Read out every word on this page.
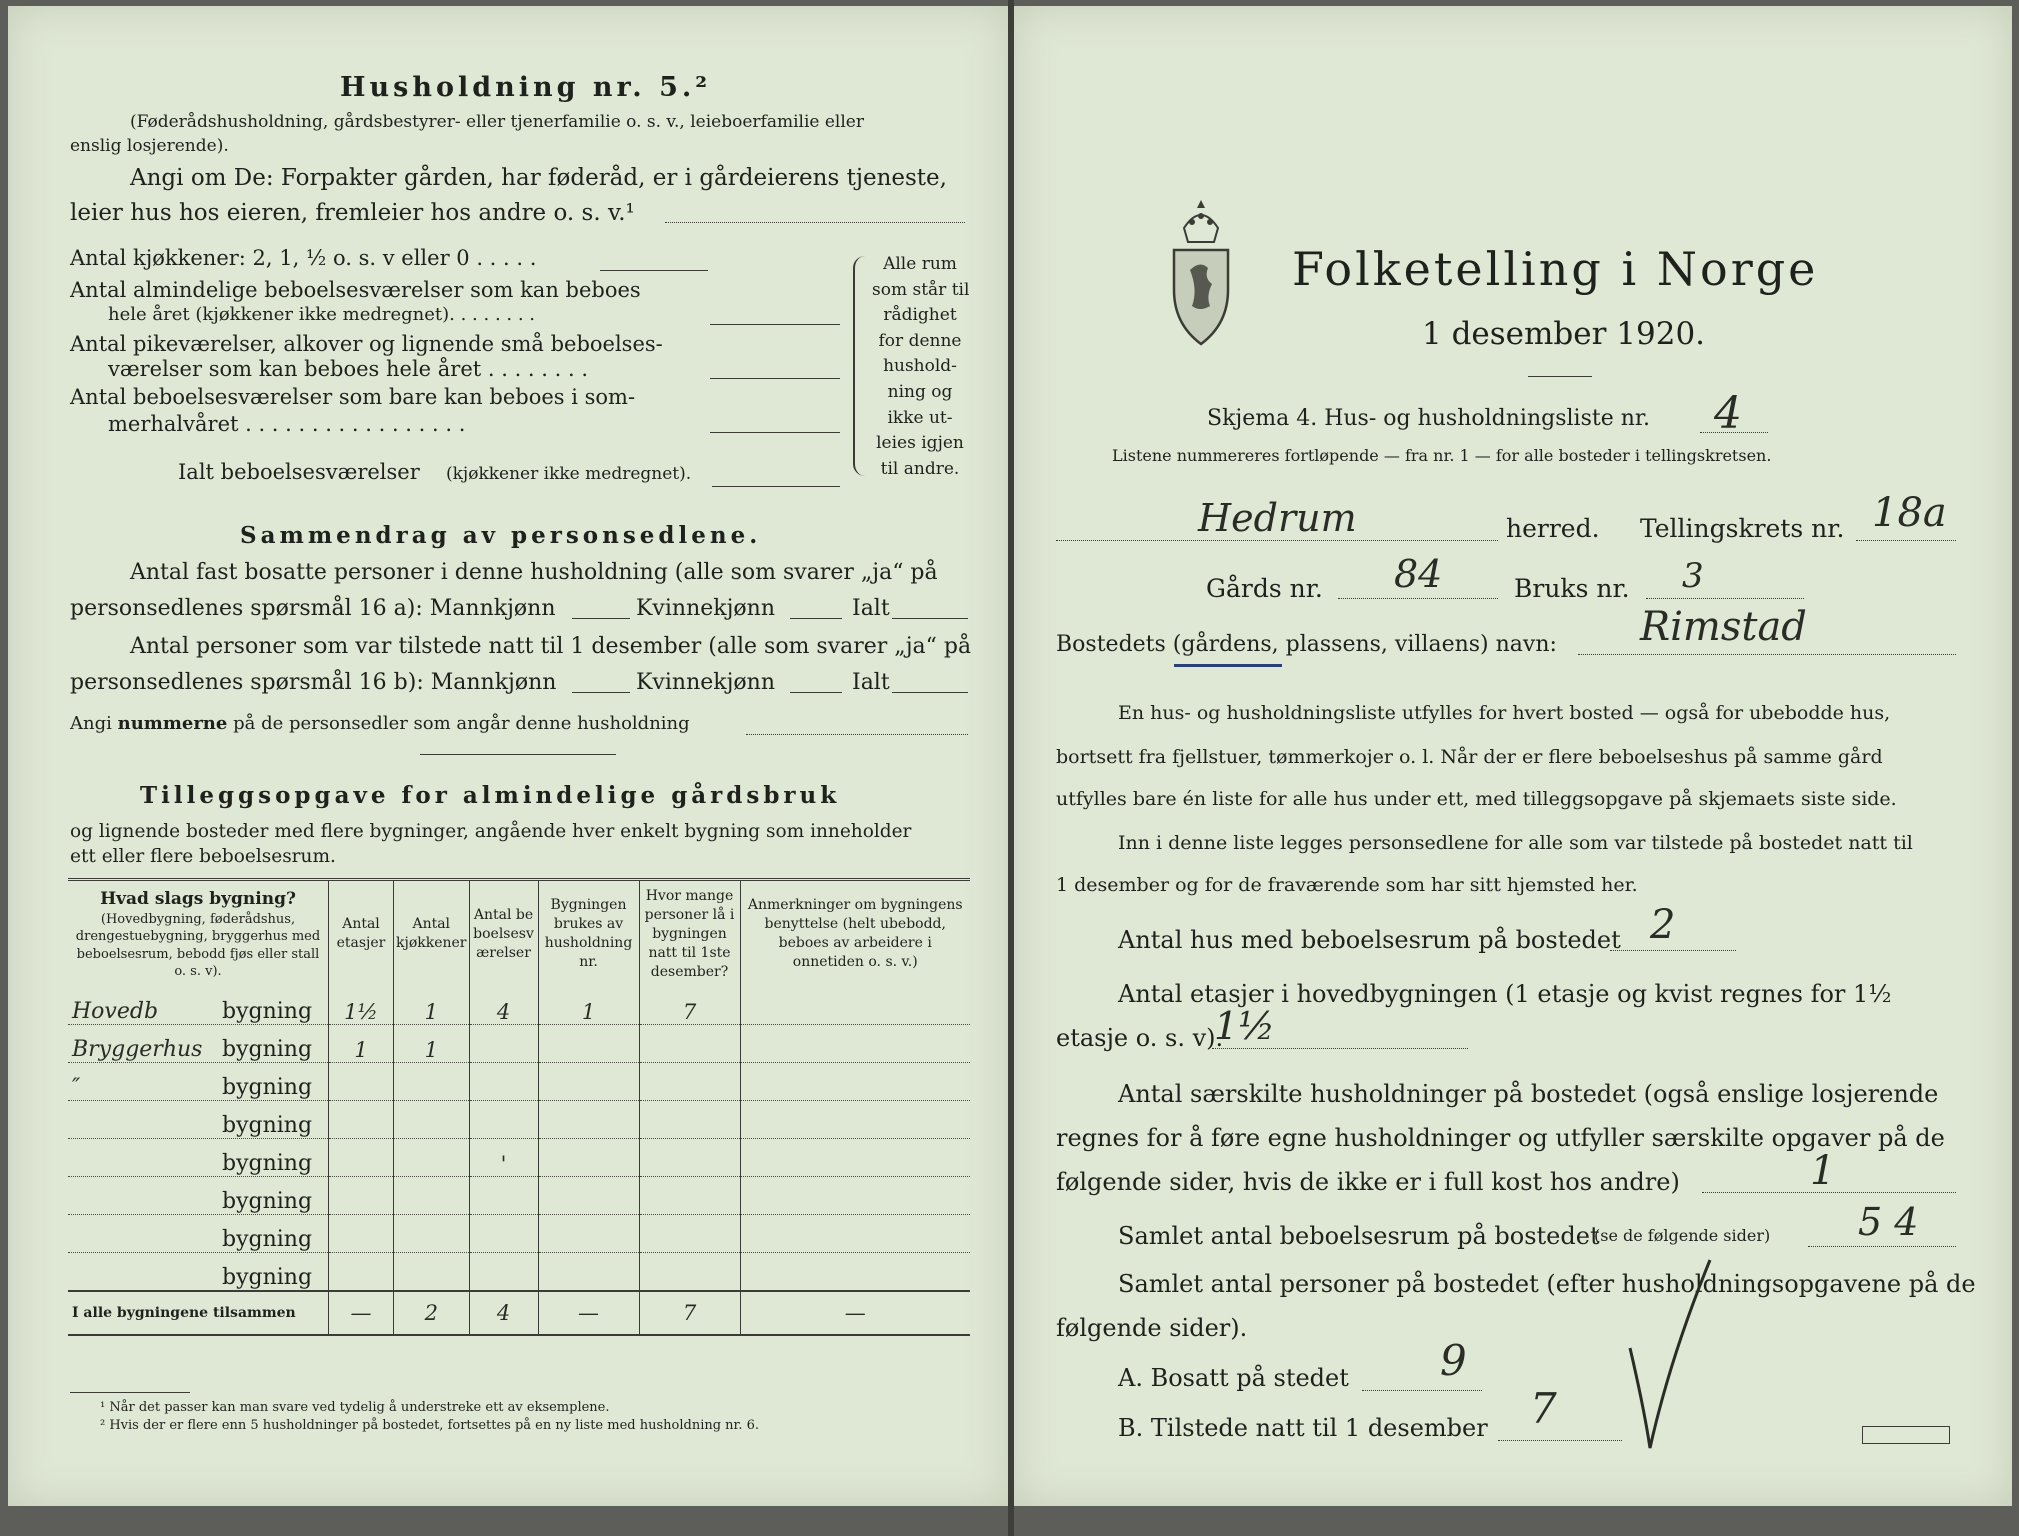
Husholdning nr. 5.²
(Føderådshusholdning, gårdsbestyrer- eller tjenerfamilie o. s. v., leieboerfamilie eller
enslig losjerende).
Angi om De: Forpakter gården, har føderåd, er i gårdeierens tjeneste,
leier hus hos eieren, fremleier hos andre o. s. v.¹
Antal kjøkkener: 2, 1, ½ o. s. v eller 0 . . . . .
Antal almindelige beboelsesværelser som kan beboes
hele året (kjøkkener ikke medregnet). . . . . . . .
Antal pikeværelser, alkover og lignende små beboelses-
værelser som kan beboes hele året . . . . . . . .
Antal beboelsesværelser som bare kan beboes i som-
merhalvåret . . . . . . . . . . . . . . . . .
Ialt beboelsesværelser (kjøkkener ikke medregnet).
Alle rum
som står til
rådighet
for denne
hushold-
ning og
ikke ut-
leies igjen
til andre.
Sammendrag av personsedlene.
Antal fast bosatte personer i denne husholdning (alle som svarer „ja“ på
personsedlenes spørsmål 16 a): Mannkjønn	Kvinnekjønn	Ialt
Antal personer som var tilstede natt til 1 desember (alle som svarer „ja“ på
personsedlenes spørsmål 16 b): Mannkjønn	Kvinnekjønn	Ialt
Angi nummerne på de personsedler som angår denne husholdning
Tilleggsopgave for almindelige gårdsbruk
og lignende bosteder med flere bygninger, angående hver enkelt bygning som inneholder
ett eller flere beboelsesrum.
Hvad slags bygning?
(Hovedbygning, føderådshus, drengestuebygning, bryggerhus med beboelsesrum, bebodd fjøs eller stall o. s. v).	Antal etasjer	Antal kjøkkener	Antal beboelsesværelser	Bygningen brukes av husholdning nr.	Hvor mange personer lå i bygningen natt til 1ste desember?	Anmerkninger om bygningens benyttelse (helt ubebodd, beboes av arbeidere i onnetiden o. s. v.)
Hovedb bygning	1½	1	4	1	7	
Bryggerhus bygning	1	1				
″ bygning						
bygning						
bygning			'			
bygning						
bygning						
bygning						
I alle bygningene tilsammen	—	2	4	—	7	—
¹ Når det passer kan man svare ved tydelig å understreke ett av eksemplene.
² Hvis der er flere enn 5 husholdninger på bostedet, fortsettes på en ny liste med husholdning nr. 6.
Folketelling i Norge
1 desember 1920.
Skjema 4. Hus- og husholdningsliste nr. 4
Listene nummereres fortløpende — fra nr. 1 — for alle bosteder i tellingskretsen.
Hedrum	herred. Tellingskrets nr. 18a
Gårds nr. 84	Bruks nr. 3
Bostedets (gårdens, plassens, villaens) navn: Rimstad
En hus- og husholdningsliste utfylles for hvert bosted — også for ubebodde hus,
bortsett fra fjellstuer, tømmerkojer o. l. Når der er flere beboelseshus på samme gård
utfylles bare én liste for alle hus under ett, med tilleggsopgave på skjemaets siste side.
Inn i denne liste legges personsedlene for alle som var tilstede på bostedet natt til
1 desember og for de fraværende som har sitt hjemsted her.
Antal hus med beboelsesrum på bostedet 2
Antal etasjer i hovedbygningen (1 etasje og kvist regnes for 1½
etasje o. s. v).
1½
Antal særskilte husholdninger på bostedet (også enslige losjerende
regnes for å føre egne husholdninger og utfyller særskilte opgaver på de
følgende sider, hvis de ikke er i full kost hos andre)	1
Samlet antal beboelsesrum på bostedet
(se de følgende sider) 5 4
Samlet antal personer på bostedet (efter husholdningsopgavene på de
følgende sider).
A. Bosatt på stedet 9
B. Tilstede natt til 1 desember 7
